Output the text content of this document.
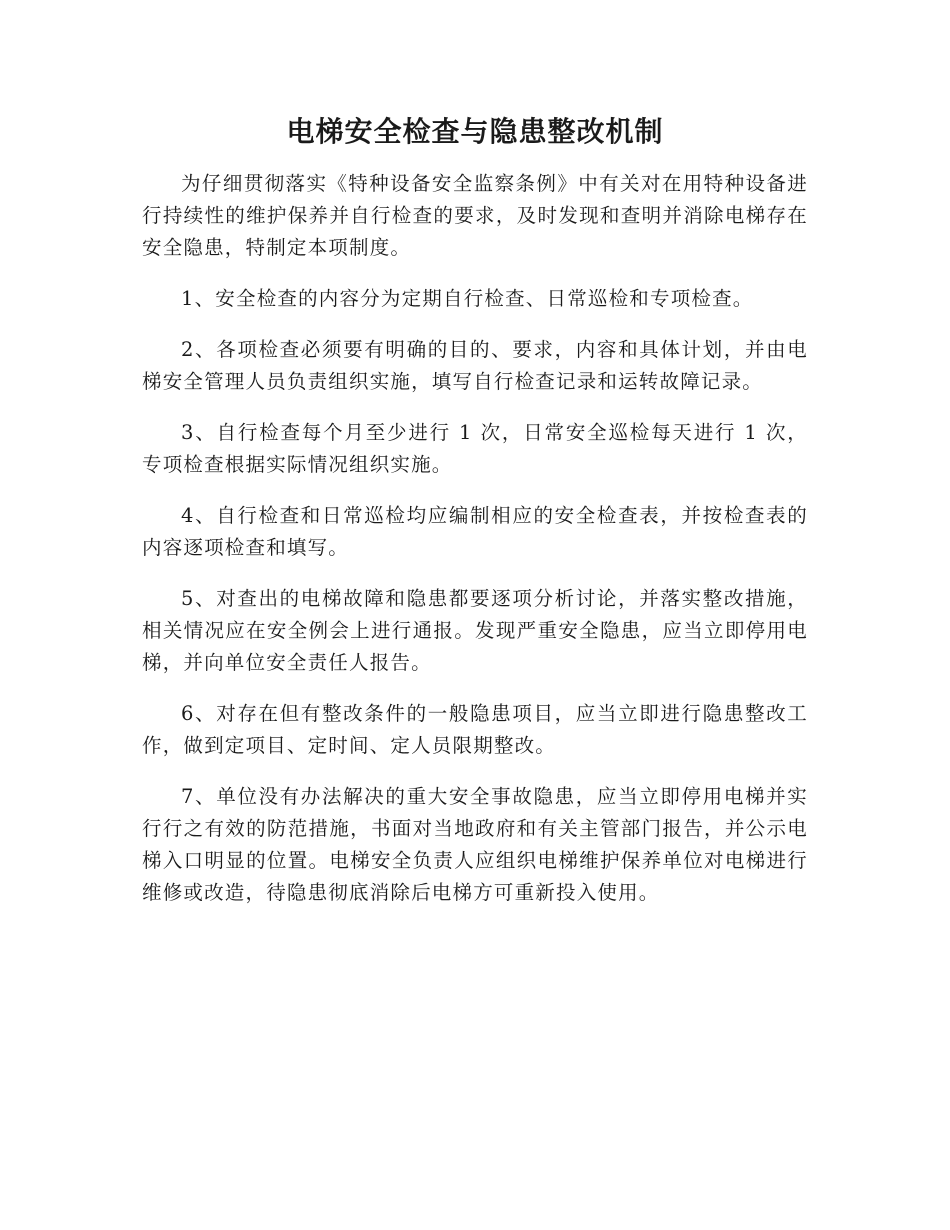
电梯安全检查与隐患整改机制

为仔细贯彻落实《特种设备安全监察条例》中有关对在用特种设备进行持续性的维护保养并自行检查的要求，及时发现和查明并消除电梯存在安全隐患，特制定本项制度。

1、安全检查的内容分为定期自行检查、日常巡检和专项检查。

2、各项检查必须要有明确的目的、要求，内容和具体计划，并由电梯安全管理人员负责组织实施，填写自行检查记录和运转故障记录。

3、自行检查每个月至少进行 1 次，日常安全巡检每天进行 1 次，专项检查根据实际情况组织实施。

4、自行检查和日常巡检均应编制相应的安全检查表，并按检查表的内容逐项检查和填写。

5、对查出的电梯故障和隐患都要逐项分析讨论，并落实整改措施，相关情况应在安全例会上进行通报。发现严重安全隐患，应当立即停用电梯，并向单位安全责任人报告。

6、对存在但有整改条件的一般隐患项目，应当立即进行隐患整改工作，做到定项目、定时间、定人员限期整改。

7、单位没有办法解决的重大安全事故隐患，应当立即停用电梯并实行行之有效的防范措施，书面对当地政府和有关主管部门报告，并公示电梯入口明显的位置。电梯安全负责人应组织电梯维护保养单位对电梯进行维修或改造，待隐患彻底消除后电梯方可重新投入使用。
